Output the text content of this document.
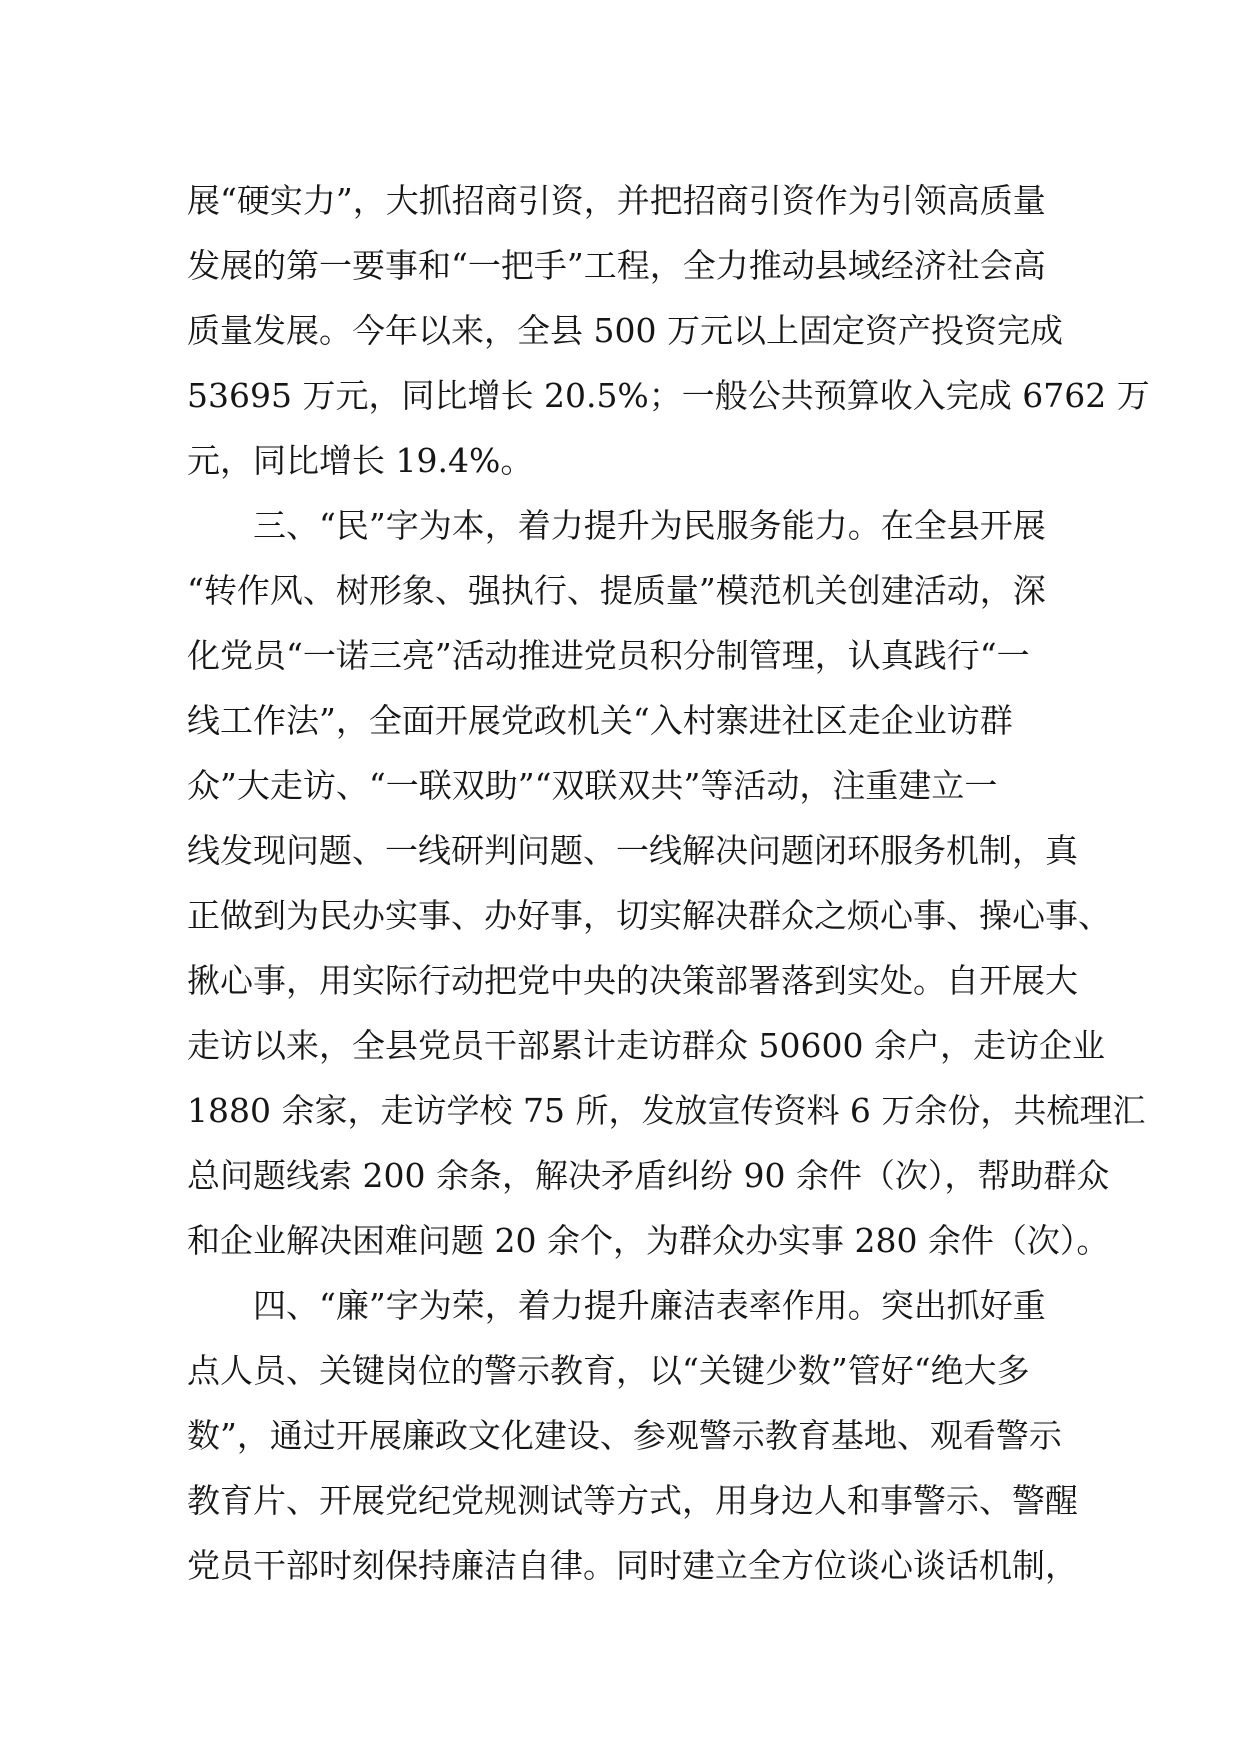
展“硬实力”，大抓招商引资，并把招商引资作为引领高质量
发展的第一要事和“一把手”工程，全力推动县域经济社会高
质量发展。今年以来，全县 500 万元以上固定资产投资完成
53695 万元，同比增长 20.5%；一般公共预算收入完成 6762 万
元，同比增长 19.4%。
　　三、“民”字为本，着力提升为民服务能力。在全县开展
“转作风、树形象、强执行、提质量”模范机关创建活动，深
化党员“一诺三亮”活动推进党员积分制管理，认真践行“一
线工作法”，全面开展党政机关“入村寨进社区走企业访群
众”大走访、“一联双助”“双联双共”等活动，注重建立一
线发现问题、一线研判问题、一线解决问题闭环服务机制，真
正做到为民办实事、办好事，切实解决群众之烦心事、操心事、
揪心事，用实际行动把党中央的决策部署落到实处。自开展大
走访以来，全县党员干部累计走访群众 50600 余户，走访企业
1880 余家，走访学校 75 所，发放宣传资料 6 万余份，共梳理汇
总问题线索 200 余条，解决矛盾纠纷 90 余件（次），帮助群众
和企业解决困难问题 20 余个，为群众办实事 280 余件（次）。
　　四、“廉”字为荣，着力提升廉洁表率作用。突出抓好重
点人员、关键岗位的警示教育，以“关键少数”管好“绝大多
数”，通过开展廉政文化建设、参观警示教育基地、观看警示
教育片、开展党纪党规测试等方式，用身边人和事警示、警醒
党员干部时刻保持廉洁自律。同时建立全方位谈心谈话机制，
